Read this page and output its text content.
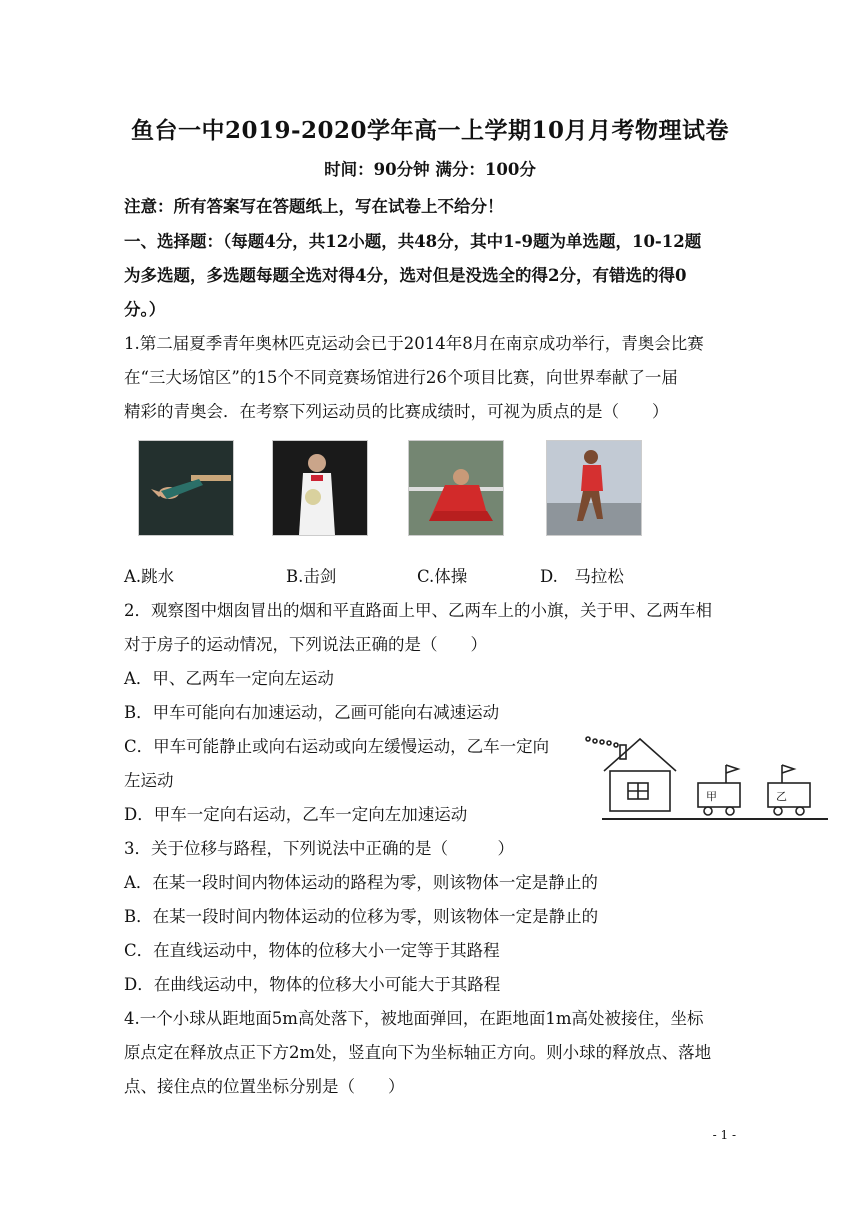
鱼台一中2019-2020学年高一上学期10月月考物理试卷
时间：90分钟 满分：100分
注意：所有答案写在答题纸上，写在试卷上不给分！
一、选择题：（每题4分，共12小题，共48分，其中1-9题为单选题，10-12题
为多选题，多选题每题全选对得4分，选对但是没选全的得2分，有错选的得0
分。）
1.第二届夏季青年奥林匹克运动会已于2014年8月在南京成功举行，青奥会比赛
在“三大场馆区”的15个不同竞赛场馆进行26个项目比赛，向世界奉献了一届
精彩的青奥会．在考察下列运动员的比赛成绩时，可视为质点的是（　　）
A.跳水	B.击剑	C.体操	D.　马拉松
2．观察图中烟囱冒出的烟和平直路面上甲、乙两车上的小旗，关于甲、乙两车相
对于房子的运动情况，下列说法正确的是（　　）
A．甲、乙两车一定向左运动
B．甲车可能向右加速运动，乙画可能向右减速运动
C．甲车可能静止或向右运动或向左缓慢运动，乙车一定向
左运动
D．甲车一定向右运动，乙车一定向左加速运动
甲	乙
3．关于位移与路程，下列说法中正确的是（　　　）
A．在某一段时间内物体运动的路程为零，则该物体一定是静止的
B．在某一段时间内物体运动的位移为零，则该物体一定是静止的
C．在直线运动中，物体的位移大小一定等于其路程
D．在曲线运动中，物体的位移大小可能大于其路程
4.一个小球从距地面5m高处落下，被地面弹回，在距地面1m高处被接住，坐标
原点定在释放点正下方2m处，竖直向下为坐标轴正方向。则小球的释放点、落地
点、接住点的位置坐标分别是（　　）
- 1 -
